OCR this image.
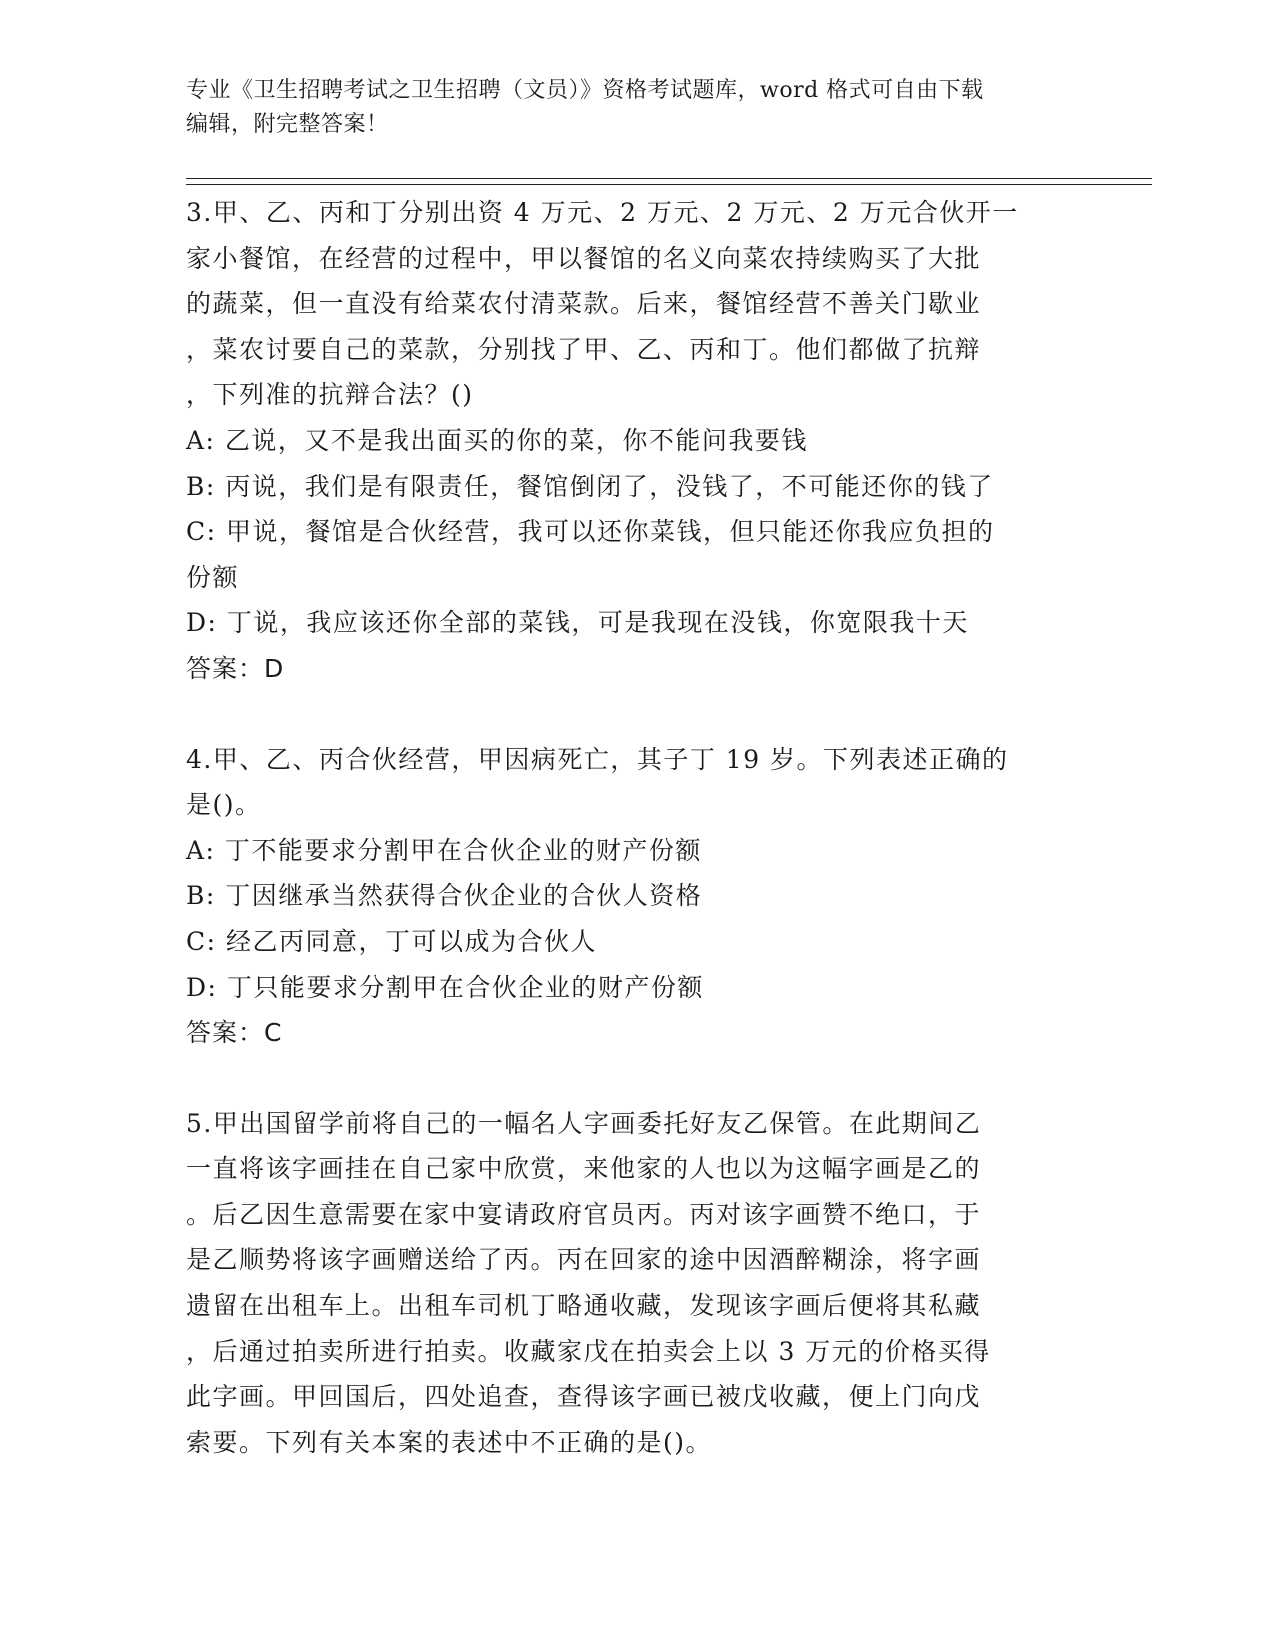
专业《卫生招聘考试之卫生招聘（文员）》资格考试题库，word 格式可自由下载
编辑，附完整答案！

3.甲、乙、丙和丁分别出资 4 万元、2 万元、2 万元、2 万元合伙开一

家小餐馆，在经营的过程中，甲以餐馆的名义向菜农持续购买了大批

的蔬菜，但一直没有给菜农付清菜款。后来，餐馆经营不善关门歇业

，菜农讨要自己的菜款，分别找了甲、乙、丙和丁。他们都做了抗辩

，下列准的抗辩合法？()

A: 乙说，又不是我出面买的你的菜，你不能问我要钱

B: 丙说，我们是有限责任，餐馆倒闭了，没钱了，不可能还你的钱了

C: 甲说，餐馆是合伙经营，我可以还你菜钱，但只能还你我应负担的

份额

D: 丁说，我应该还你全部的菜钱，可是我现在没钱，你宽限我十天

答案：D

4.甲、乙、丙合伙经营，甲因病死亡，其子丁 19 岁。下列表述正确的

是()。

A: 丁不能要求分割甲在合伙企业的财产份额

B: 丁因继承当然获得合伙企业的合伙人资格

C: 经乙丙同意，丁可以成为合伙人

D: 丁只能要求分割甲在合伙企业的财产份额

答案：C

5.甲出国留学前将自己的一幅名人字画委托好友乙保管。在此期间乙

一直将该字画挂在自己家中欣赏，来他家的人也以为这幅字画是乙的

。后乙因生意需要在家中宴请政府官员丙。丙对该字画赞不绝口，于

是乙顺势将该字画赠送给了丙。丙在回家的途中因酒醉糊涂，将字画

遗留在出租车上。出租车司机丁略通收藏，发现该字画后便将其私藏

，后通过拍卖所进行拍卖。收藏家戊在拍卖会上以 3 万元的价格买得

此字画。甲回国后，四处追查，查得该字画已被戊收藏，便上门向戊

索要。下列有关本案的表述中不正确的是()。
